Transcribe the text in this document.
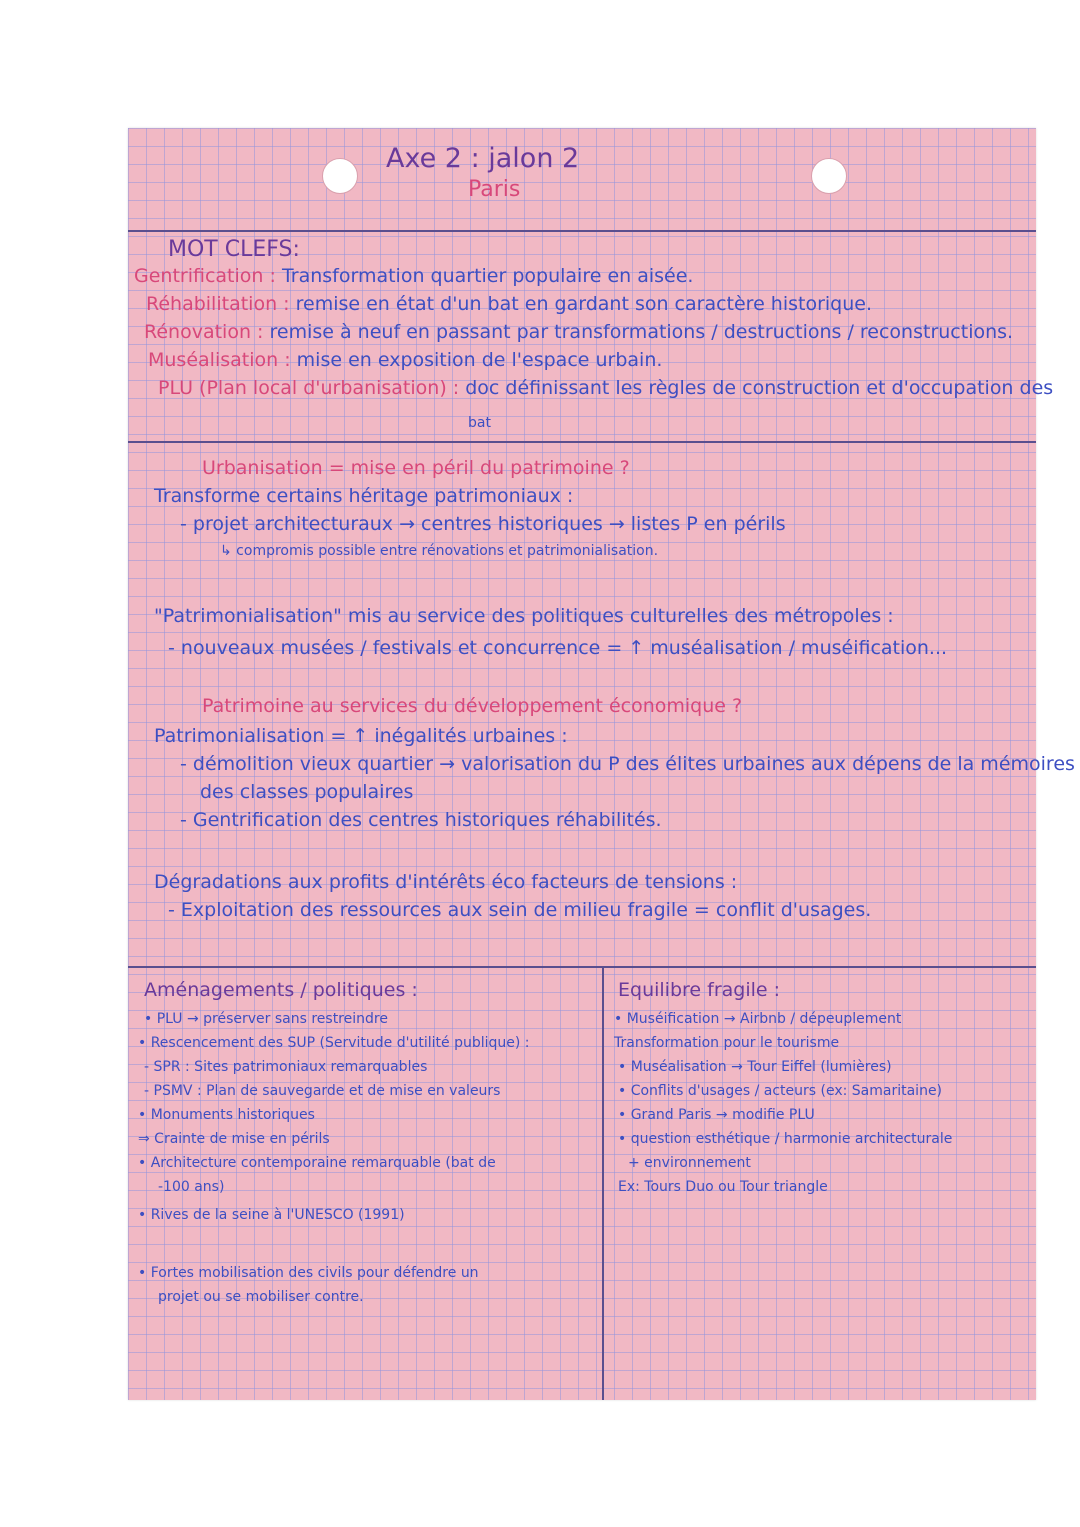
Axe 2 : jalon 2
Paris
MOT CLEFS:
Gentrification : Transformation quartier populaire en aisée.
Réhabilitation : remise en état d'un bat en gardant son caractère historique.
Rénovation : remise à neuf en passant par transformations / destructions / reconstructions.
Muséalisation : mise en exposition de l'espace urbain.
PLU (Plan local d'urbanisation) : doc définissant les règles de construction et d'occupation des
bat
Urbanisation = mise en péril du patrimoine ?
Transforme certains héritage patrimoniaux :
- projet architecturaux → centres historiques → listes P en périls
↳ compromis possible entre rénovations et patrimonialisation.
"Patrimonialisation" mis au service des politiques culturelles des métropoles :
- nouveaux musées / festivals et concurrence = ↑ muséalisation / muséification...
Patrimoine au services du développement économique ?
Patrimonialisation = ↑ inégalités urbaines :
- démolition vieux quartier → valorisation du P des élites urbaines aux dépens de la mémoires
des classes populaires
- Gentrification des centres historiques réhabilités.
Dégradations aux profits d'intérêts éco facteurs de tensions :
- Exploitation des ressources aux sein de milieu fragile = conflit d'usages.
Aménagements / politiques :
• PLU → préserver sans restreindre
• Rescencement des SUP (Servitude d'utilité publique) :
- SPR : Sites patrimoniaux remarquables
- PSMV : Plan de sauvegarde et de mise en valeurs
• Monuments historiques
⇒ Crainte de mise en périls
• Architecture contemporaine remarquable (bat de
-100 ans)
• Rives de la seine à l'UNESCO (1991)
• Fortes mobilisation des civils pour défendre un
projet ou se mobiliser contre.
Equilibre fragile :
• Muséification → Airbnb / dépeuplement
Transformation pour le tourisme
• Muséalisation → Tour Eiffel (lumières)
• Conflits d'usages / acteurs (ex: Samaritaine)
• Grand Paris → modifie PLU
• question esthétique / harmonie architecturale
+ environnement
Ex: Tours Duo ou Tour triangle
